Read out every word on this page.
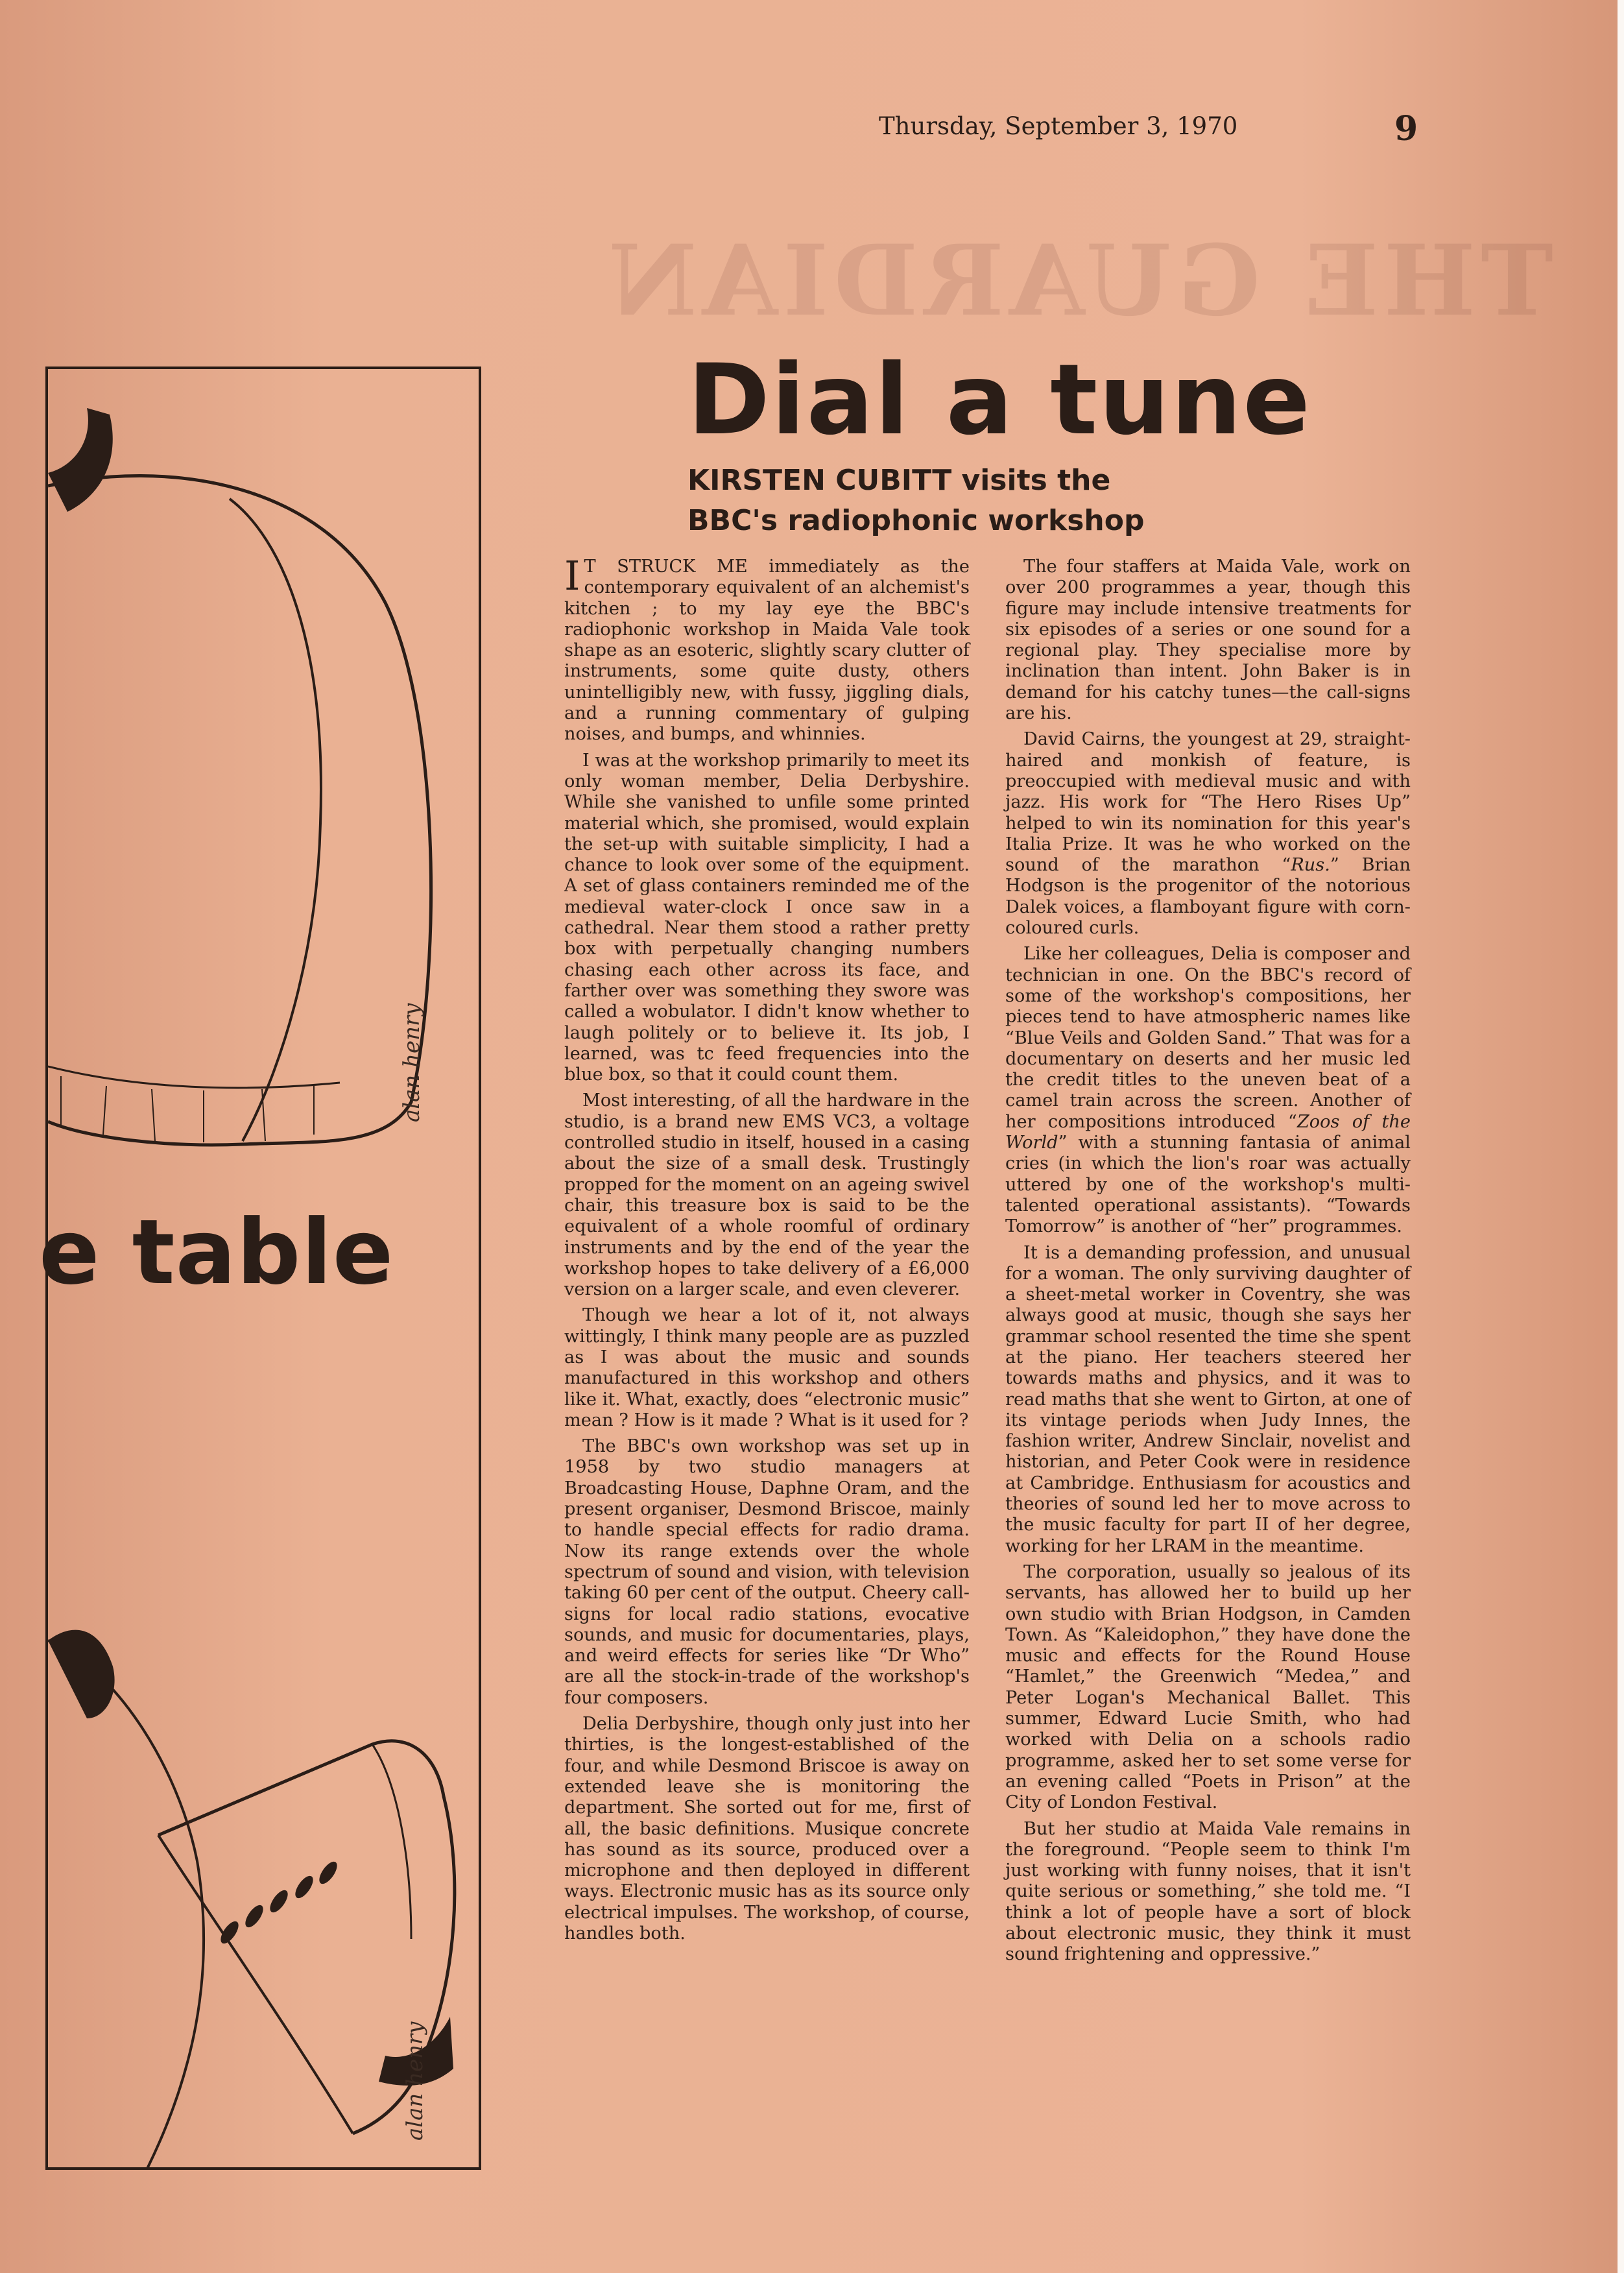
Thursday, September 3, 1970	9
THE GUARDIAN
e table
alan henry
alan henry
Dial a tune
KIRSTEN CUBITT visits the
BBC's radiophonic workshop

I T STRUCK ME immediately as the contemporary equivalent of an alchemist's kitchen ; to my lay eye the BBC's radiophonic workshop in Maida Vale took shape as an esoteric, slightly scary clutter of instruments, some quite dusty, others unintelligibly new, with fussy, jiggling dials, and a running commentary of gulping noises, and bumps, and whinnies.

I was at the workshop primarily to meet its only woman member, Delia Derbyshire. While she vanished to unfile some printed material which, she promised, would explain the set-up with suitable simplicity, I had a chance to look over some of the equipment. A set of glass containers reminded me of the medieval water-clock I once saw in a cathedral. Near them stood a rather pretty box with perpetually changing numbers chasing each other across its face, and farther over was something they swore was called a wobulator. I didn't know whether to laugh politely or to believe it. Its job, I learned, was tc feed frequencies into the blue box, so that it could count them.

Most interesting, of all the hardware in the studio, is a brand new EMS VC3, a voltage controlled studio in itself, housed in a casing about the size of a small desk. Trustingly propped for the moment on an ageing swivel chair, this treasure box is said to be the equivalent of a whole roomful of ordinary instruments and by the end of the year the workshop hopes to take delivery of a £6,000 version on a larger scale, and even cleverer.

Though we hear a lot of it, not always wittingly, I think many people are as puzzled as I was about the music and sounds manufactured in this workshop and others like it. What, exactly, does “electronic music” mean ? How is it made ? What is it used for ?

The BBC's own workshop was set up in 1958 by two studio managers at Broadcasting House, Daphne Oram, and the present organiser, Desmond Briscoe, mainly to handle special effects for radio drama. Now its range extends over the whole spectrum of sound and vision, with television taking 60 per cent of the output. Cheery call-signs for local radio stations, evocative sounds, and music for documentaries, plays, and weird effects for series like “Dr Who” are all the stock-in-trade of the workshop's four composers.

Delia Derbyshire, though only just into her thirties, is the longest-established of the four, and while Desmond Briscoe is away on extended leave she is monitoring the department. She sorted out for me, first of all, the basic definitions. Musique concrete has sound as its source, produced over a microphone and then deployed in different ways. Electronic music has as its source only electrical impulses. The workshop, of course, handles both.

The four staffers at Maida Vale, work on over 200 programmes a year, though this figure may include intensive treatments for six episodes of a series or one sound for a regional play. They specialise more by inclination than intent. John Baker is in demand for his catchy tunes—the call-signs are his.

David Cairns, the youngest at 29, straight-haired and monkish of feature, is preoccupied with medieval music and with jazz. His work for “The Hero Rises Up” helped to win its nomination for this year's Italia Prize. It was he who worked on the sound of the marathon “Rus.” Brian Hodgson is the progenitor of the notorious Dalek voices, a flamboyant figure with corn-coloured curls.

Like her colleagues, Delia is composer and technician in one. On the BBC's record of some of the workshop's compositions, her pieces tend to have atmospheric names like “Blue Veils and Golden Sand.” That was for a documentary on deserts and her music led the credit titles to the uneven beat of a camel train across the screen. Another of her compositions introduced “Zoos of the World” with a stunning fantasia of animal cries (in which the lion's roar was actually uttered by one of the workshop's multi-talented operational assistants). “Towards Tomorrow” is another of “her” programmes.

It is a demanding profession, and unusual for a woman. The only surviving daughter of a sheet-metal worker in Coventry, she was always good at music, though she says her grammar school resented the time she spent at the piano. Her teachers steered her towards maths and physics, and it was to read maths that she went to Girton, at one of its vintage periods when Judy Innes, the fashion writer, Andrew Sinclair, novelist and historian, and Peter Cook were in residence at Cambridge. Enthusiasm for acoustics and theories of sound led her to move across to the music faculty for part II of her degree, working for her LRAM in the meantime.

The corporation, usually so jealous of its servants, has allowed her to build up her own studio with Brian Hodgson, in Camden Town. As “Kaleidophon,” they have done the music and effects for the Round House “Hamlet,” the Greenwich “Medea,” and Peter Logan's Mechanical Ballet. This summer, Edward Lucie Smith, who had worked with Delia on a schools radio programme, asked her to set some verse for an evening called “Poets in Prison” at the City of London Festival.

But her studio at Maida Vale remains in the foreground. “People seem to think I'm just working with funny noises, that it isn't quite serious or something,” she told me. “I think a lot of people have a sort of block about electronic music, they think it must sound frightening and oppressive.”
